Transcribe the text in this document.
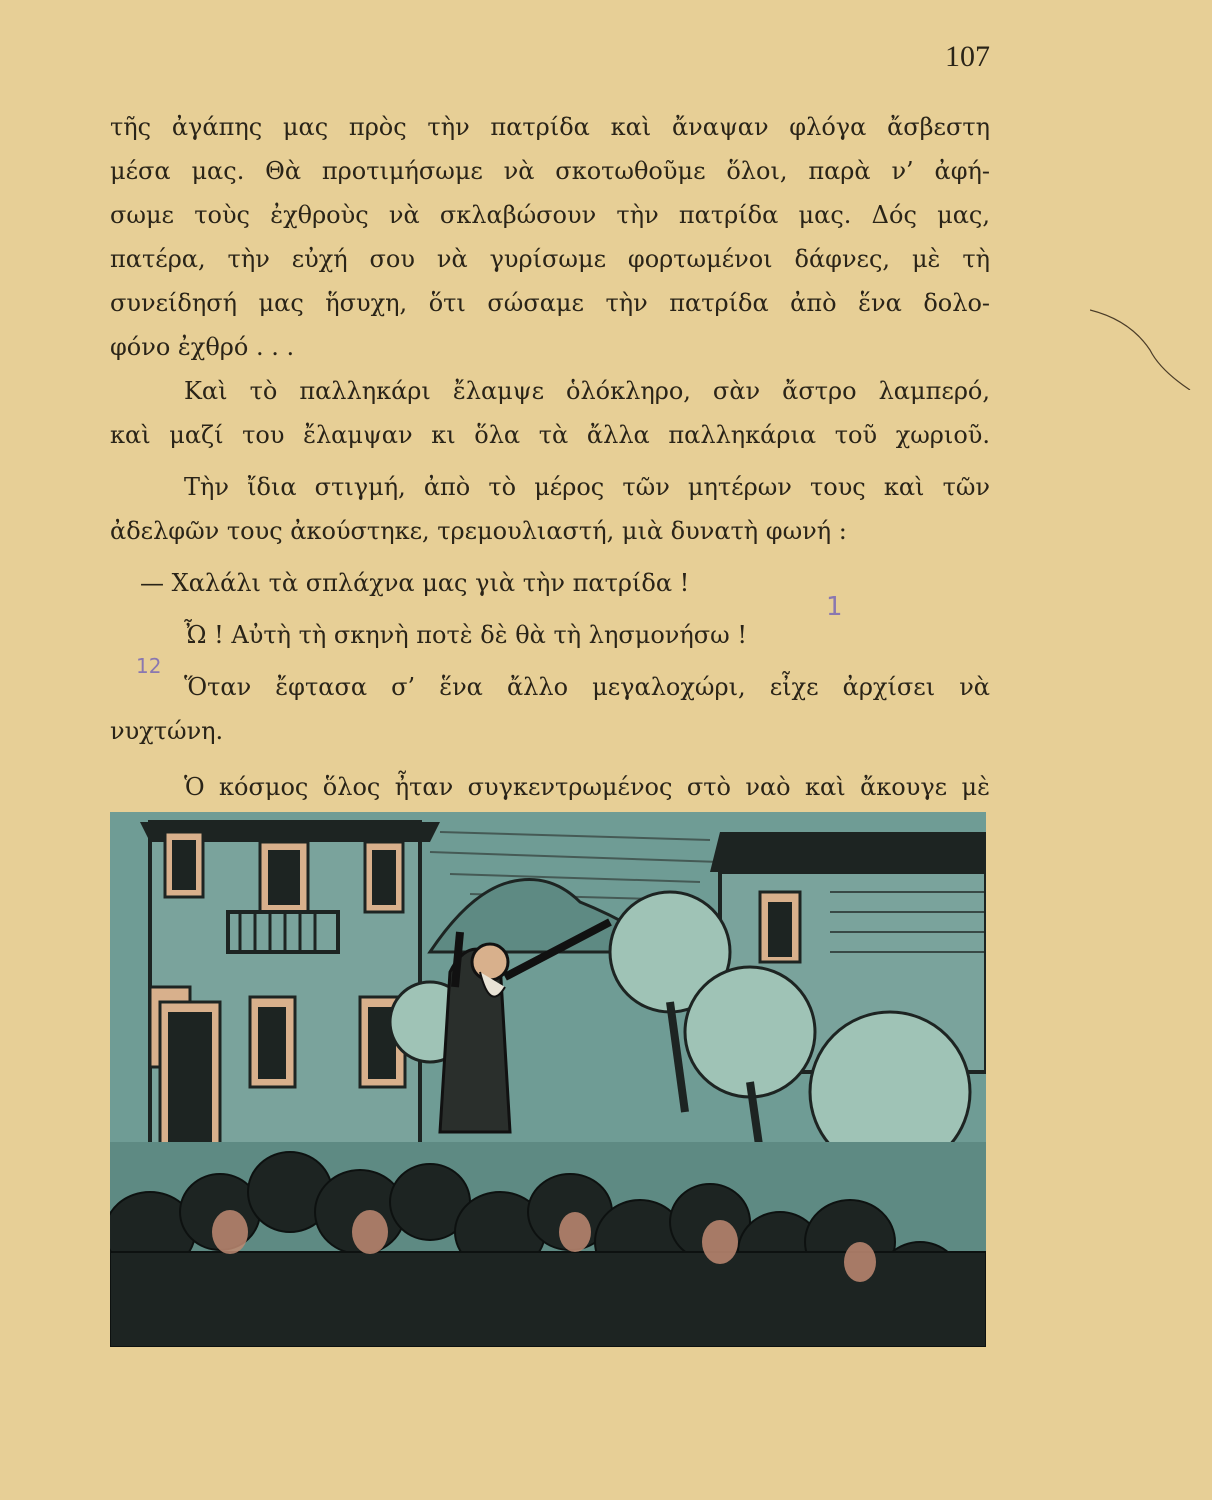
107
τῆς ἀγάπης μας πρὸς τὴν πατρίδα καὶ ἄναψαν φλόγα ἄσβεστη
μέσα μας. Θὰ προτιμήσωμε νὰ σκοτωθοῦμε ὅλοι, παρὰ ν’ ἀφή-
σωμε τοὺς ἐχθροὺς νὰ σκλαβώσουν τὴν πατρίδα μας. Δός μας,
πατέρα, τὴν εὐχή σου νὰ γυρίσωμε φορτωμένοι δάφνες, μὲ τὴ
συνείδησή μας ἥσυχη, ὅτι σώσαμε τὴν πατρίδα ἀπὸ ἕνα δολο-
φόνο ἐχθρό . . .
Καὶ τὸ παλληκάρι ἔλαμψε ὁλόκληρο, σὰν ἄστρο λαμπερό,
καὶ μαζί του ἔλαμψαν κι ὅλα τὰ ἄλλα παλληκάρια τοῦ χωριοῦ.
Τὴν ἴδια στιγμή, ἀπὸ τὸ μέρος τῶν μητέρων τους καὶ τῶν
ἀδελφῶν τους ἀκούστηκε, τρεμουλιαστή, μιὰ δυνατὴ φωνή :
— Χαλάλι τὰ σπλάχνα μας γιὰ τὴν πατρίδα !
Ὦ ! Αὐτὴ τὴ σκηνὴ ποτὲ δὲ θὰ τὴ λησμονήσω !
Ὅταν ἔφτασα σ’ ἕνα ἄλλο μεγαλοχώρι, εἶχε ἀρχίσει νὰ
νυχτώνη.
Ὁ κόσμος ὅλος ἦταν συγκεντρωμένος στὸ ναὸ καὶ ἄκουγε μὲ
1
12
